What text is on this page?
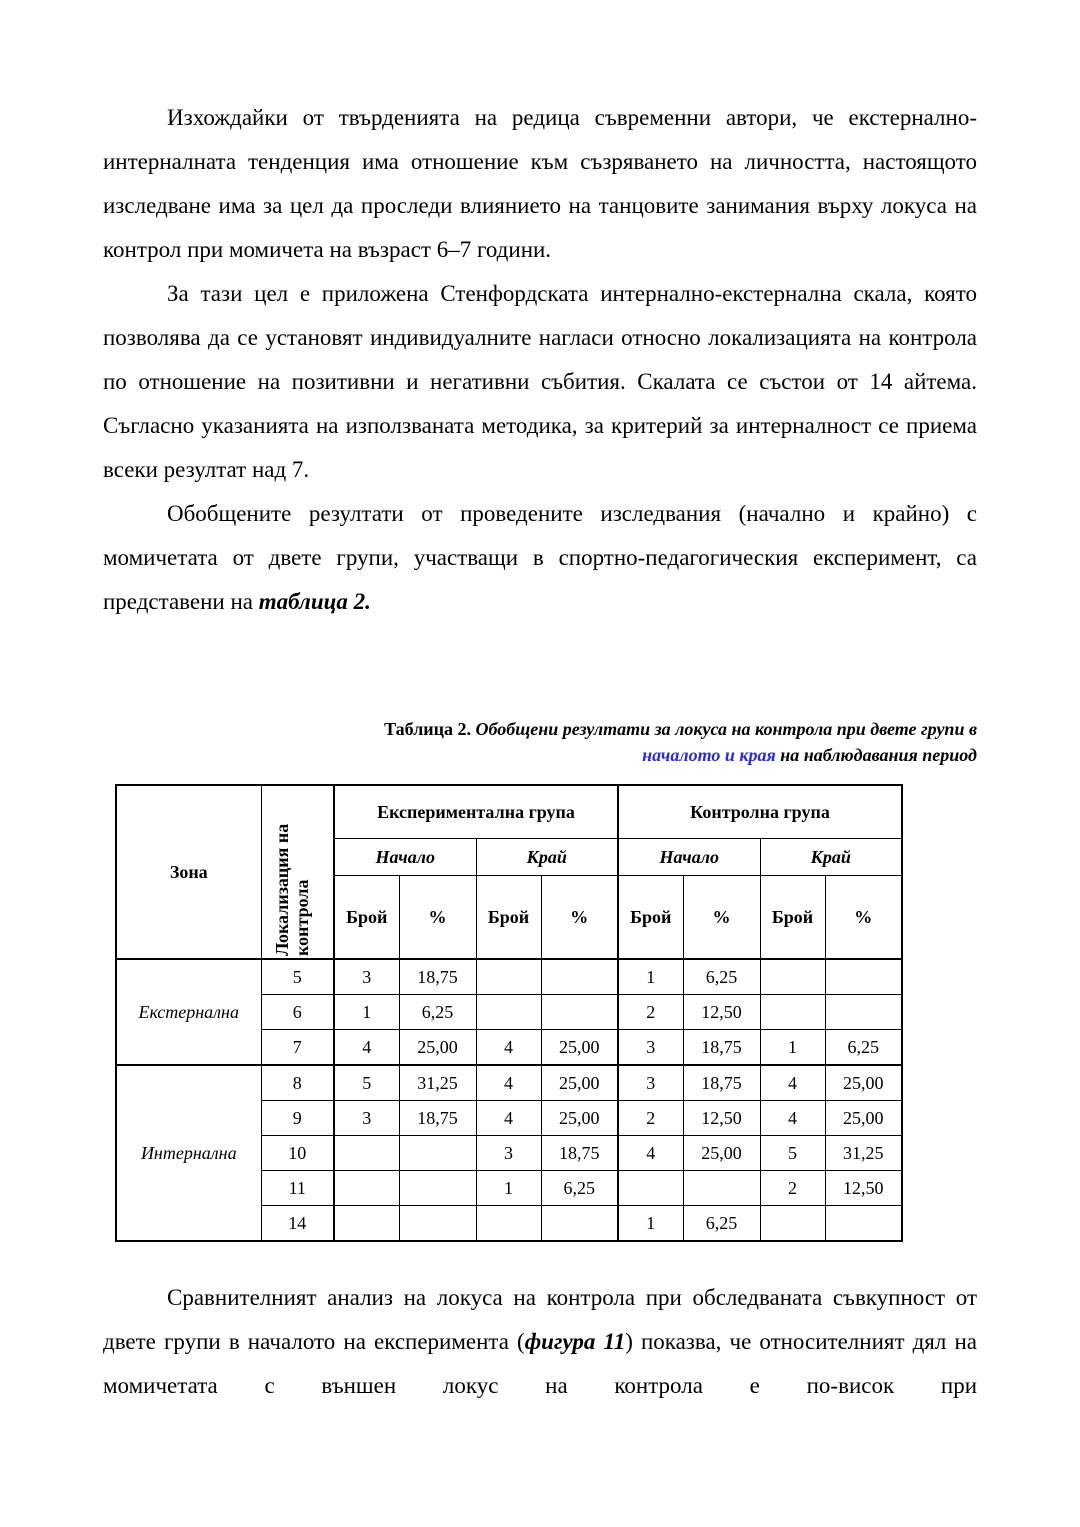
Изхождайки от твърденията на редица съвременни автори, че екстернално-интерналната тенденция има отношение към съзряването на личността, настоящото изследване има за цел да проследи влиянието на танцовите занимания върху локуса на контрол при момичета на възраст 6–7 години.

За тази цел е приложена Стенфордската интернално-екстернална скала, която позволява да се установят индивидуалните нагласи относно локализацията на контрола по отношение на позитивни и негативни събития. Скалата се състои от 14 айтема. Съгласно указанията на използваната методика, за критерий за интерналност се приема всеки резултат над 7.

Обобщените резултати от проведените изследвания (начално и крайно) с момичетата от двете групи, участващи в спортно-педагогическия експеримент, са представени на таблица 2.

Таблица 2. Обобщени резултати за локуса на контрола при двете групи в
началото и края на наблюдавания период
Зона	Локализация на контрола	Експериментална група				Контролна група			
		Начало		Край		Начало		Край	
		Брой	%	Брой	%	Брой	%	Брой	%
Екстернална	5	3	18,75			1	6,25		
	6	1	6,25			2	12,50		
	7	4	25,00	4	25,00	3	18,75	1	6,25
Интернална	8	5	31,25	4	25,00	3	18,75	4	25,00
	9	3	18,75	4	25,00	2	12,50	4	25,00
	10			3	18,75	4	25,00	5	31,25
	11			1	6,25			2	12,50
	14					1	6,25		

Сравнителният анализ на локуса на контрола при обследваната съвкупност от двете групи в началото на експеримента (фигура 11) показва, че относителният дял на момичетата с външен локус на контрола е по-висок при
